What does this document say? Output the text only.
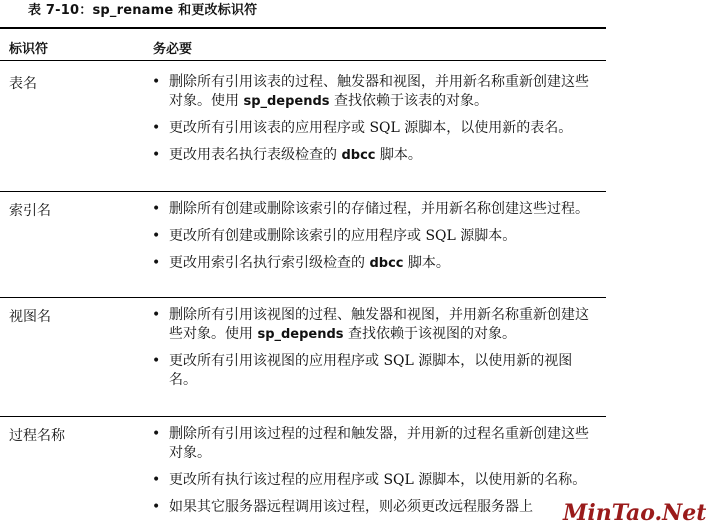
表 7-10：sp_rename 和更改标识符
标识符	务必要
表名	• 删除所有引用该表的过程、触发器和视图，并用新名称重新创建这些对象。使用 sp_depends 查找依赖于该表的对象。
• 更改所有引用该表的应用程序或 SQL 源脚本，以使用新的表名。
• 更改用表名执行表级检查的 dbcc 脚本。
索引名	• 删除所有创建或删除该索引的存储过程，并用新名称创建这些过程。
• 更改所有创建或删除该索引的应用程序或 SQL 源脚本。
• 更改用索引名执行索引级检查的 dbcc 脚本。
视图名	• 删除所有引用该视图的过程、触发器和视图，并用新名称重新创建这些对象。使用 sp_depends 查找依赖于该视图的对象。
• 更改所有引用该视图的应用程序或 SQL 源脚本，以使用新的视图名。
过程名称	• 删除所有引用该过程的过程和触发器，并用新的过程名重新创建这些对象。
• 更改所有执行该过程的应用程序或 SQL 源脚本，以使用新的名称。
• 如果其它服务器远程调用该过程，则必须更改远程服务器上	MinTao.Net
